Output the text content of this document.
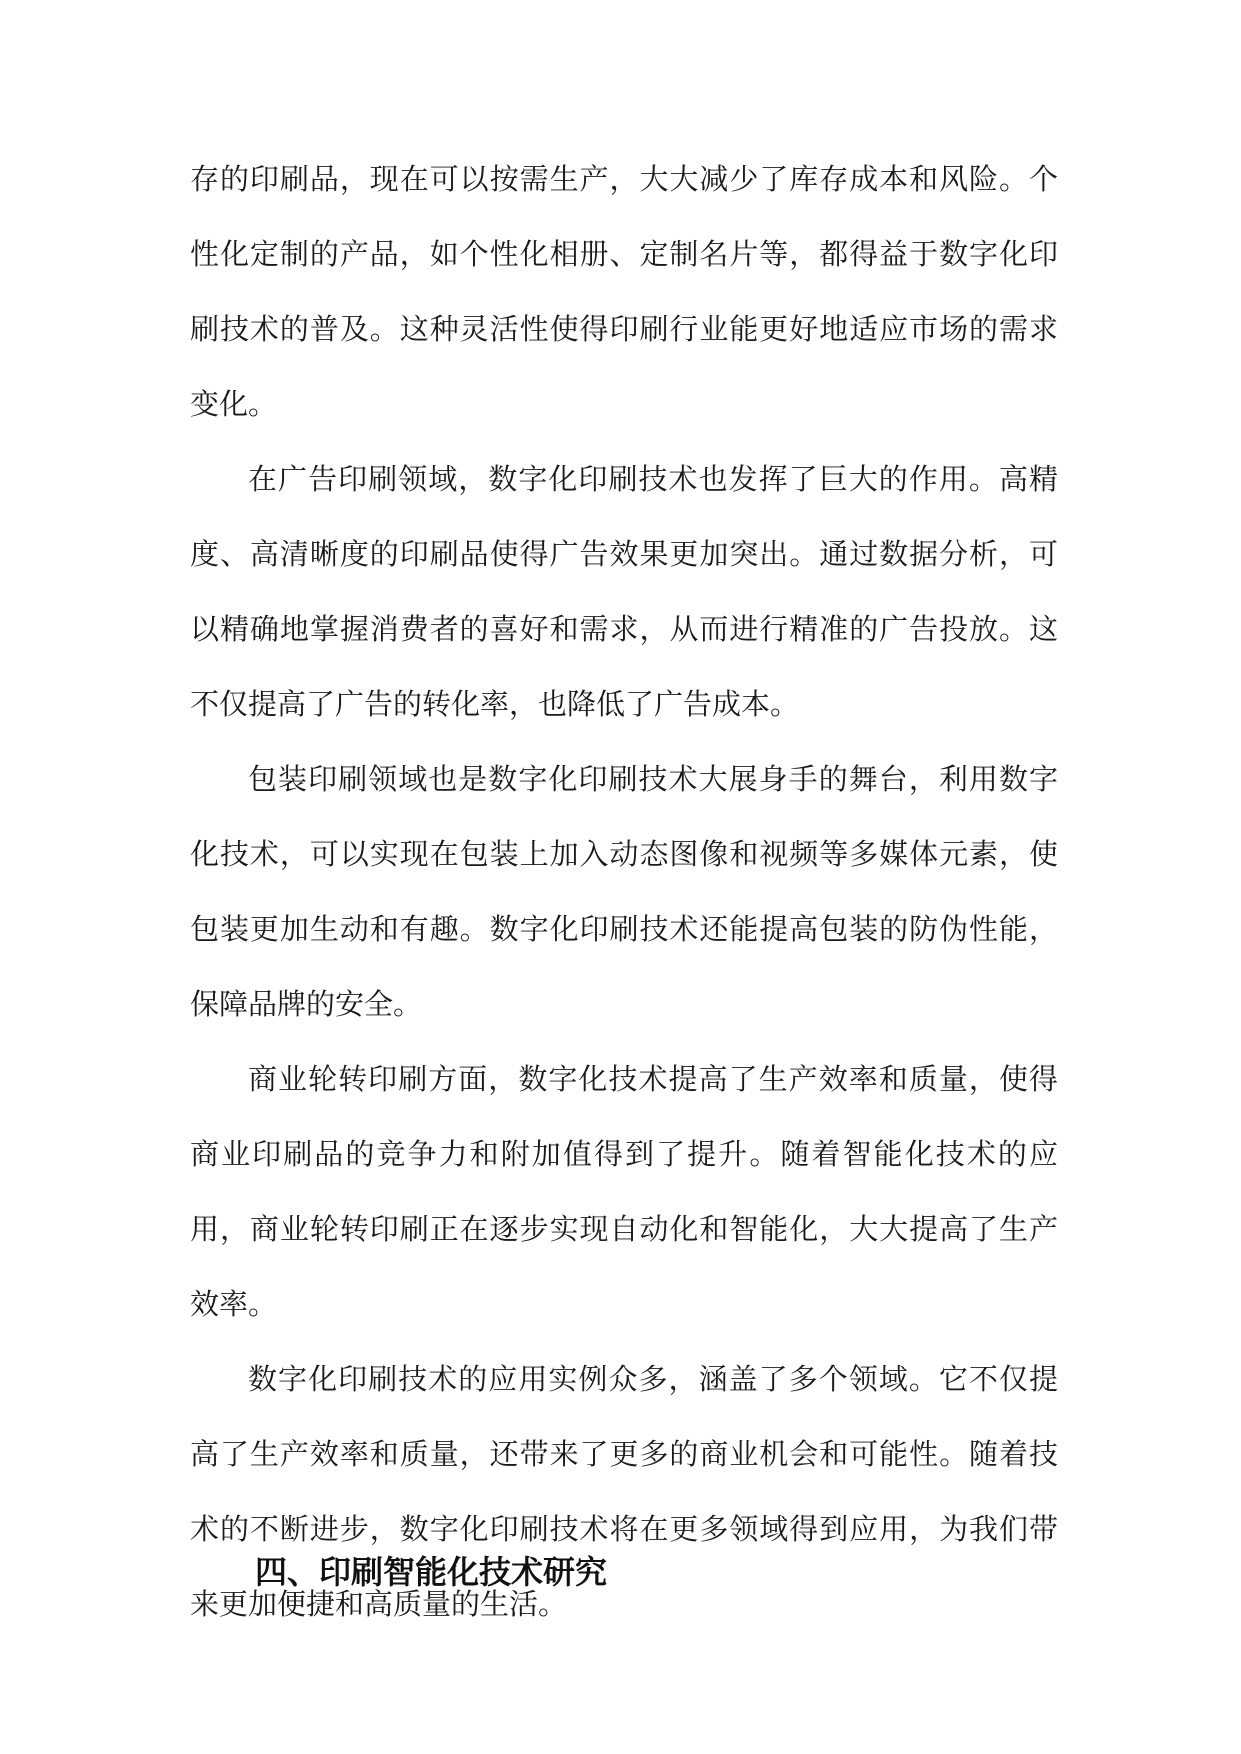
存的印刷品，现在可以按需生产，大大减少了库存成本和风险。个性化定制的产品，如个性化相册、定制名片等，都得益于数字化印刷技术的普及。这种灵活性使得印刷行业能更好地适应市场的需求变化。

在广告印刷领域，数字化印刷技术也发挥了巨大的作用。高精度、高清晰度的印刷品使得广告效果更加突出。通过数据分析，可以精确地掌握消费者的喜好和需求，从而进行精准的广告投放。这不仅提高了广告的转化率，也降低了广告成本。

包装印刷领域也是数字化印刷技术大展身手的舞台，利用数字化技术，可以实现在包装上加入动态图像和视频等多媒体元素，使包装更加生动和有趣。数字化印刷技术还能提高包装的防伪性能，保障品牌的安全。

商业轮转印刷方面，数字化技术提高了生产效率和质量，使得商业印刷品的竞争力和附加值得到了提升。随着智能化技术的应用，商业轮转印刷正在逐步实现自动化和智能化，大大提高了生产效率。

数字化印刷技术的应用实例众多，涵盖了多个领域。它不仅提高了生产效率和质量，还带来了更多的商业机会和可能性。随着技术的不断进步，数字化印刷技术将在更多领域得到应用，为我们带来更加便捷和高质量的生活。

四、印刷智能化技术研究
